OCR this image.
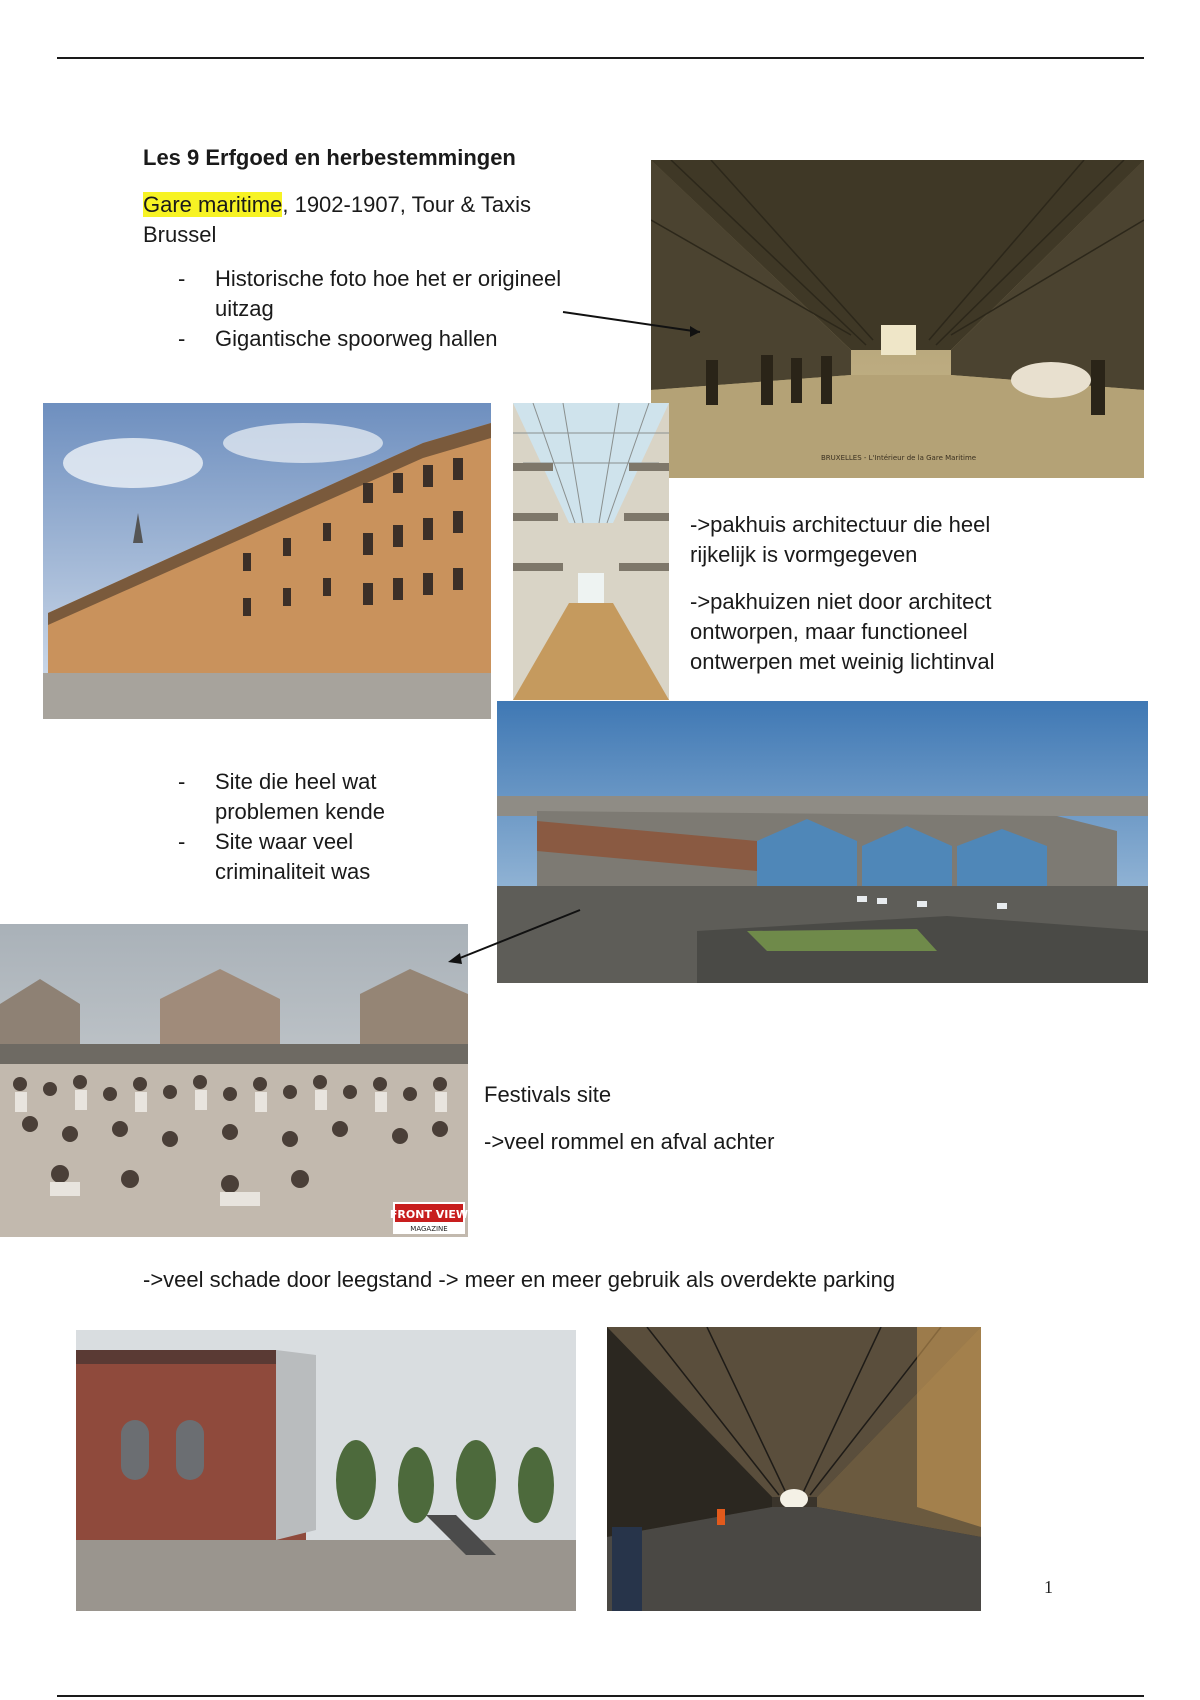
Les 9 Erfgoed en herbestemmingen
Gare maritime, 1902-1907, Tour & Taxis
Brussel
- Historische foto hoe het er origineel uitzag
- Gigantische spoorweg hallen
BRUXELLES - L'Intérieur de la Gare Maritime
->pakhuis architectuur die heel rijkelijk is vormgegeven
->pakhuizen niet door architect ontworpen, maar functioneel ontwerpen met weinig lichtinval
- Site die heel wat problemen kende
- Site waar veel criminaliteit was
FRONT VIEW
MAGAZINE
Festivals site
->veel rommel en afval achter
->veel schade door leegstand -> meer en meer gebruik als overdekte parking
1
